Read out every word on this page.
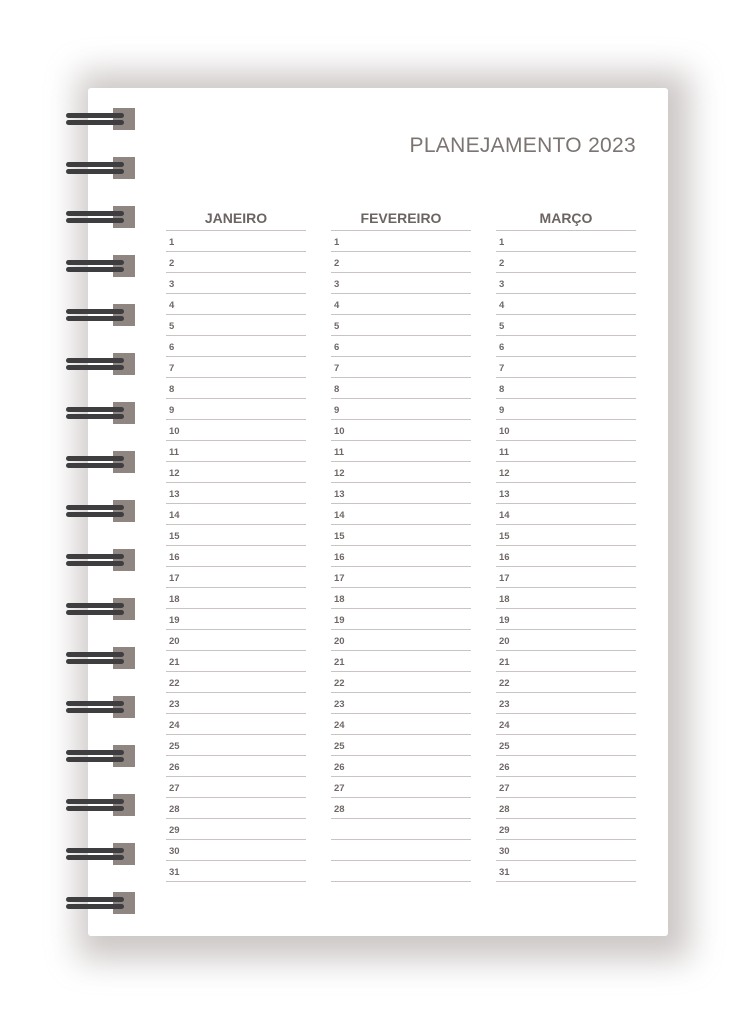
PLANEJAMENTO 2023
JANEIRO
1
2
3
4
5
6
7
8
9
10
11
12
13
14
15
16
17
18
19
20
21
22
23
24
25
26
27
28
29
30
31
FEVEREIRO
1
2
3
4
5
6
7
8
9
10
11
12
13
14
15
16
17
18
19
20
21
22
23
24
25
26
27
28
MARÇO
1
2
3
4
5
6
7
8
9
10
11
12
13
14
15
16
17
18
19
20
21
22
23
24
25
26
27
28
29
30
31
